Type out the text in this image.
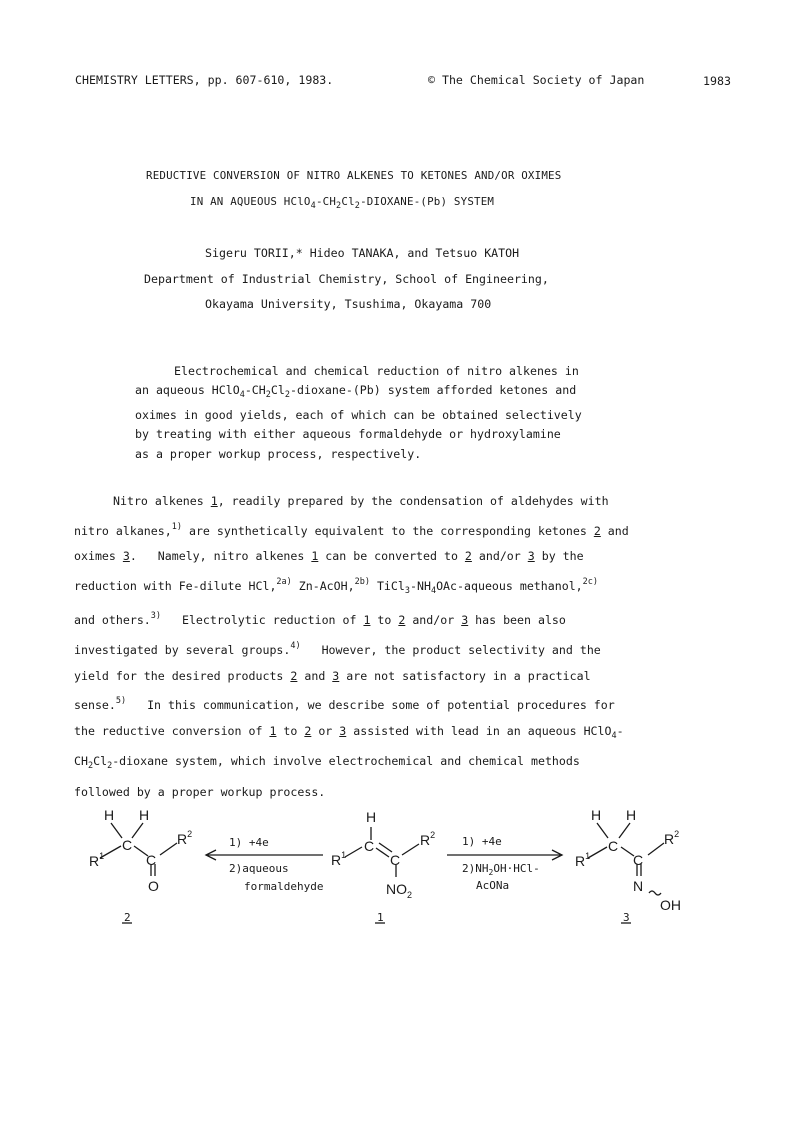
CHEMISTRY LETTERS, pp. 607-610, 1983.	© The Chemical Society of Japan	1983
REDUCTIVE CONVERSION OF NITRO ALKENES TO KETONES AND/OR OXIMES
IN AN AQUEOUS $HClO_4-CH_2Cl_2-DIOXANE-(Pb)$ SYSTEM
Sigeru TORII,* Hideo TANAKA, and Tetsuo KATOH
Department of Industrial Chemistry, School of Engineering,
Okayama University, Tsushima, Okayama 700
Electrochemical and chemical reduction of nitro alkenes in
an aqueous $HClO_4-CH_2Cl_2-dioxane-(Pb)$ system afforded ketones and
oximes in good yields, each of which can be obtained selectively
by treating with either aqueous formaldehyde or hydroxylamine
as a proper workup process, respectively.
Nitro alkenes 1, readily prepared by the condensation of aldehydes with
nitro alkanes,$^{1)}$ are synthetically equivalent to the corresponding ketones 2 and
oximes 3.   Namely, nitro alkenes 1 can be converted to 2 and/or 3 by the
reduction with Fe-dilute HCl,$^{2a)}$ Zn-AcOH,$^{2b)}$ $TiCl_3-NH_4OAc$-aqueous methanol,$^{2c)}$
and others.$^{3)}$   Electrolytic reduction of 1 to 2 and/or 3 has been also
investigated by several groups.$^{4)}$   However, the product selectivity and the
yield for the desired products 2 and 3 are not satisfactory in a practical
sense.$^{5)}$   In this communication, we describe some of potential procedures for
the reductive conversion of 1 to 2 or 3 assisted with lead in an aqueous HClO$_4$-
$CH_2Cl_2$-dioxane system, which involve electrochemical and chemical methods
followed by a proper workup process.
H H
C
C
$R^1$
$R^2$
O
H
C
C
$R^1$
$R^2$
$NO_2$
H H
C
C
$R^1$
$R^2$
N
OH
1) +4e
2)aqueous
formaldehyde
1) +4e
$2)NH_2OH\cdot HCl-$
AcONa
2	1	3
